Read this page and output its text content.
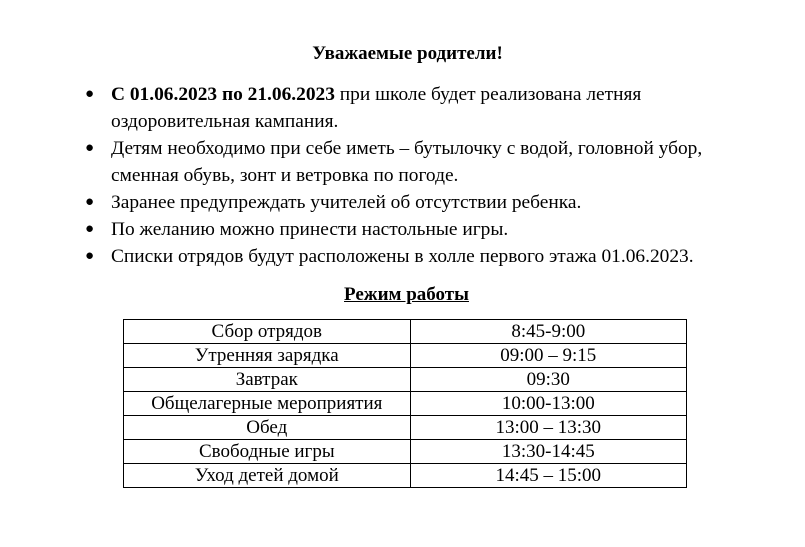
Уважаемые родители!
● С 01.06.2023 по 21.06.2023 при школе будет реализована летняя оздоровительная кампания.
● Детям необходимо при себе иметь – бутылочку с водой, головной убор, сменная обувь, зонт и ветровка по погоде.
● Заранее предупреждать учителей об отсутствии ребенка.
● По желанию можно принести настольные игры.
● Списки отрядов будут расположены в холле первого этажа 01.06.2023.
Режим работы
Сбор отрядов	8:45-9:00
Утренняя зарядка	09:00 – 9:15
Завтрак	09:30
Общелагерные мероприятия	10:00-13:00
Обед	13:00 – 13:30
Свободные игры	13:30-14:45
Уход детей домой	14:45 – 15:00
